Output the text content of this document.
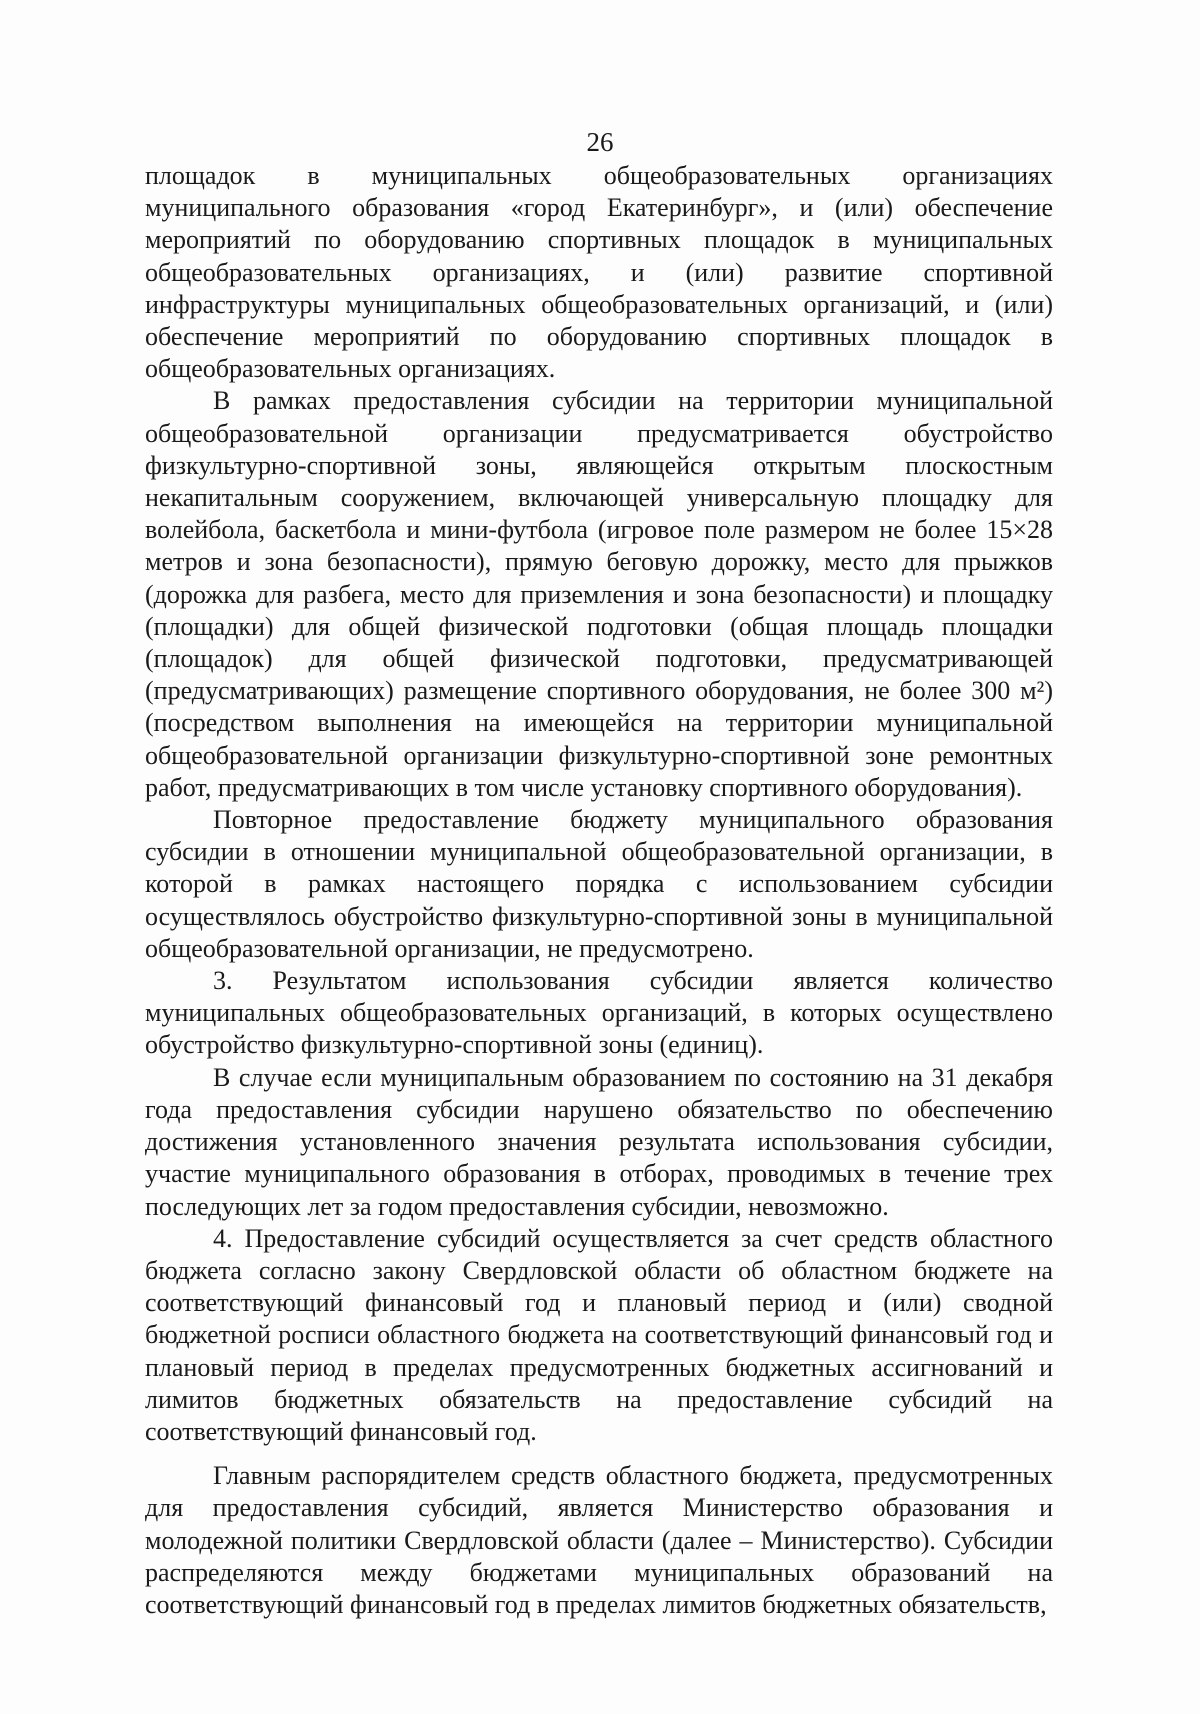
26

площадок в муниципальных общеобразовательных организациях муниципального образования «город Екатеринбург», и (или) обеспечение мероприятий по оборудованию спортивных площадок в муниципальных общеобразовательных организациях, и (или) развитие спортивной инфраструктуры муниципальных общеобразовательных организаций, и (или) обеспечение мероприятий по оборудованию спортивных площадок в общеобразовательных организациях.

В рамках предоставления субсидии на территории муниципальной общеобразовательной организации предусматривается обустройство физкультурно-спортивной зоны, являющейся открытым плоскостным некапитальным сооружением, включающей универсальную площадку для волейбола, баскетбола и мини-футбола (игровое поле размером не более 15×28 метров и зона безопасности), прямую беговую дорожку, место для прыжков (дорожка для разбега, место для приземления и зона безопасности) и площадку (площадки) для общей физической подготовки (общая площадь площадки (площадок) для общей физической подготовки, предусматривающей (предусматривающих) размещение спортивного оборудования, не более 300 м²) (посредством выполнения на имеющейся на территории муниципальной общеобразовательной организации физкультурно-спортивной зоне ремонтных работ, предусматривающих в том числе установку спортивного оборудования).

Повторное предоставление бюджету муниципального образования субсидии в отношении муниципальной общеобразовательной организации, в которой в рамках настоящего порядка с использованием субсидии осуществлялось обустройство физкультурно-спортивной зоны в муниципальной общеобразовательной организации, не предусмотрено.

3. Результатом использования субсидии является количество муниципальных общеобразовательных организаций, в которых осуществлено обустройство физкультурно-спортивной зоны (единиц).

В случае если муниципальным образованием по состоянию на 31 декабря года предоставления субсидии нарушено обязательство по обеспечению достижения установленного значения результата использования субсидии, участие муниципального образования в отборах, проводимых в течение трех последующих лет за годом предоставления субсидии, невозможно.

4. Предоставление субсидий осуществляется за счет средств областного бюджета согласно закону Свердловской области об областном бюджете на соответствующий финансовый год и плановый период и (или) сводной бюджетной росписи областного бюджета на соответствующий финансовый год и плановый период в пределах предусмотренных бюджетных ассигнований и лимитов бюджетных обязательств на предоставление субсидий на соответствующий финансовый год.

Главным распорядителем средств областного бюджета, предусмотренных для предоставления субсидий, является Министерство образования и молодежной политики Свердловской области (далее – Министерство). Субсидии распределяются между бюджетами муниципальных образований на соответствующий финансовый год в пределах лимитов бюджетных обязательств,
